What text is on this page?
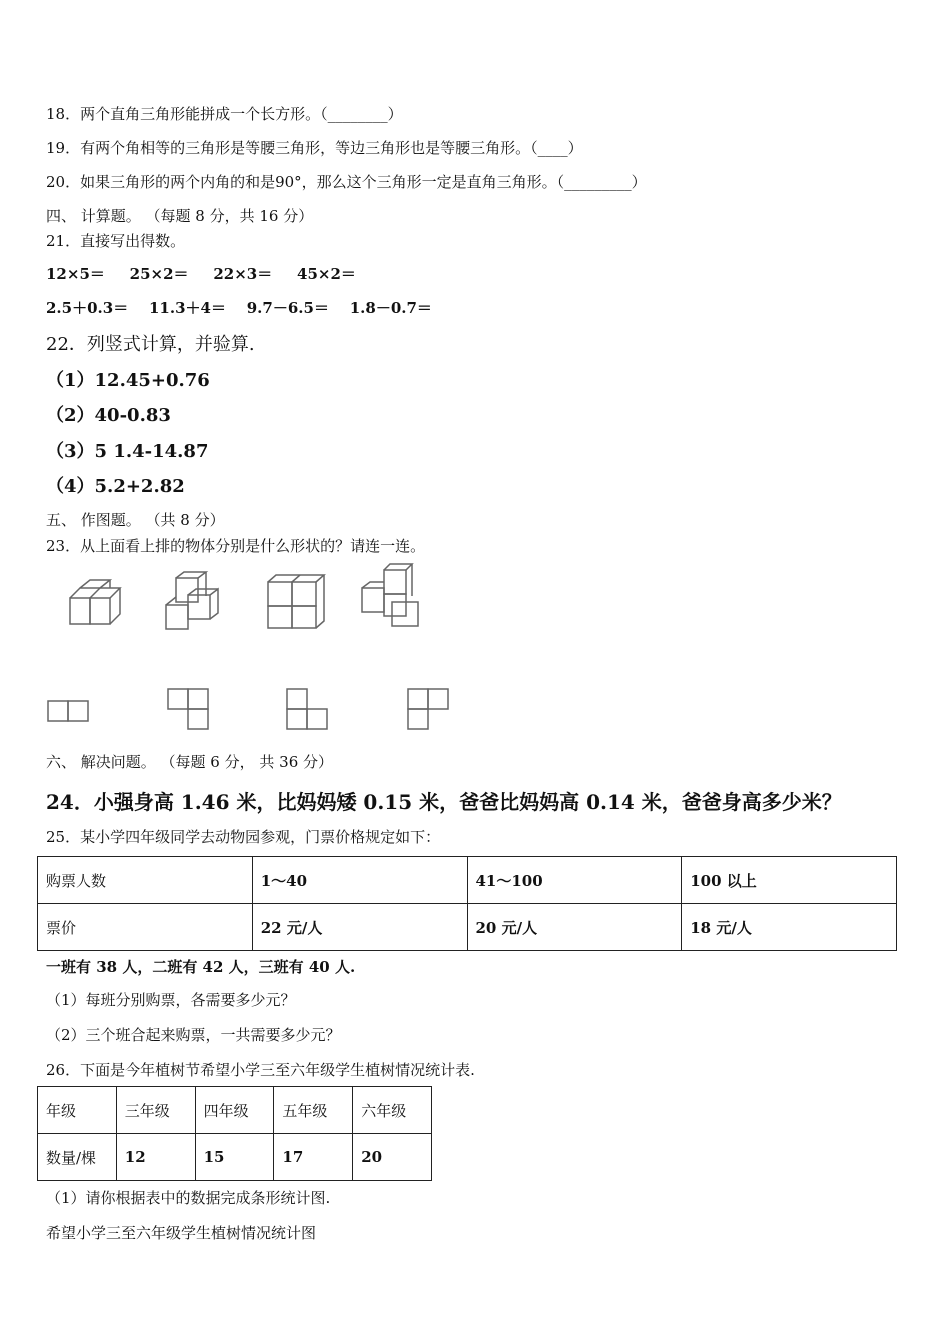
18．两个直角三角形能拼成一个长方形。（________）
19．有两个角相等的三角形是等腰三角形，等边三角形也是等腰三角形。（____）
20．如果三角形的两个内角的和是90°，那么这个三角形一定是直角三角形。（_________）
四、 计算题。 （每题 8 分，共 16 分）
21．直接写出得数。
12×5＝ 25×2＝ 22×3＝ 45×2＝
2.5＋0.3＝ 11.3＋4＝ 9.7－6.5＝ 1.8－0.7＝
22．列竖式计算，并验算.
（1）12.45+0.76
（2）40-0.83
（3）5 1.4-14.87
（4）5.2+2.82
五、 作图题。 （共 8 分）
23．从上面看上排的物体分别是什么形状的？请连一连。
六、 解决问题。 （每题 6 分， 共 36 分）
24．小强身高 1.46 米，比妈妈矮 0.15 米，爸爸比妈妈高 0.14 米，爸爸身高多少米？
25．某小学四年级同学去动物园参观，门票价格规定如下：
购票人数	1～40	41～100	100 以上
票价	22 元/人	20 元/人	18 元/人
一班有 38 人，二班有 42 人，三班有 40 人.
（1）每班分别购票，各需要多少元？
（2）三个班合起来购票，一共需要多少元？
26．下面是今年植树节希望小学三至六年级学生植树情况统计表.
年级	三年级	四年级	五年级	六年级
数量/棵	12	15	17	20
（1）请你根据表中的数据完成条形统计图.
希望小学三至六年级学生植树情况统计图
